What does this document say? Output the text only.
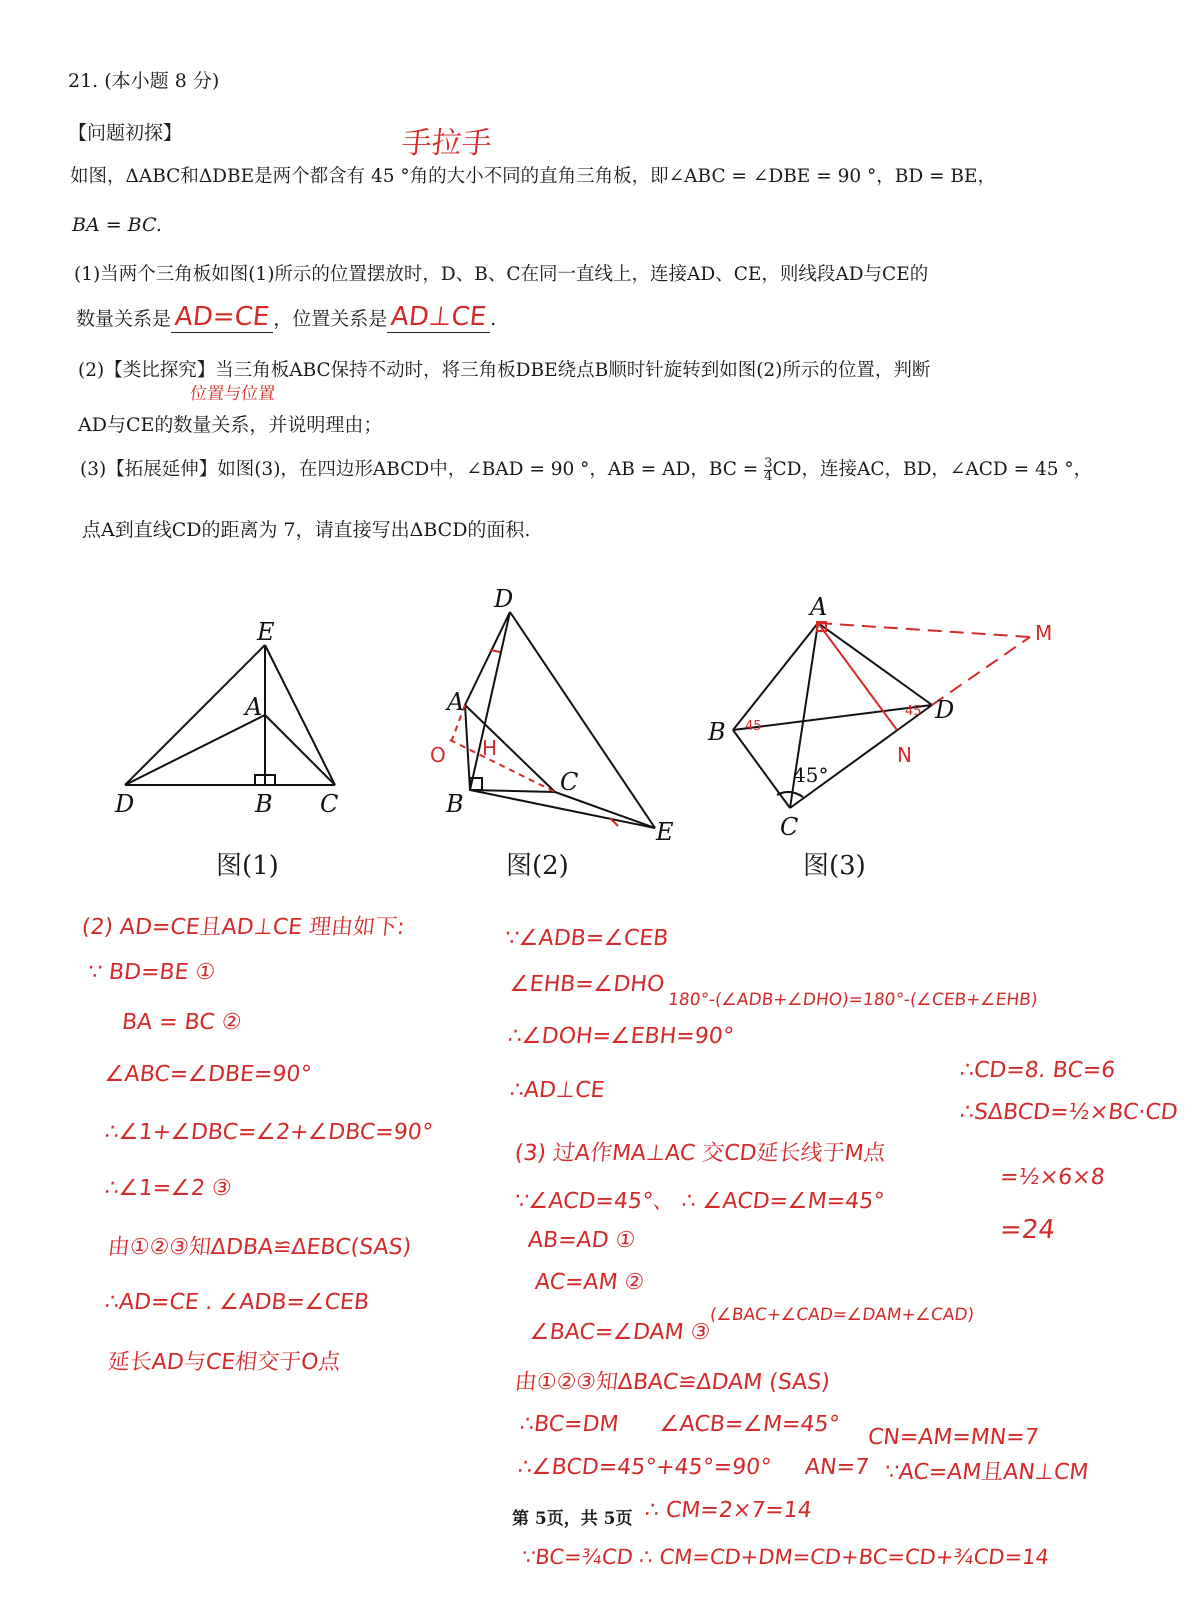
21. (本小题 8 分)
【问题初探】
如图，ΔABC和ΔDBE是两个都含有 45 °角的大小不同的直角三角板，即∠ABC = ∠DBE = 90 °，BD = BE，
BA = BC.
(1)当两个三角板如图(1)所示的位置摆放时，D、B、C在同一直线上，连接AD、CE，则线段AD与CE的
数量关系是AD=CE ，位置关系是AD⊥CE .
(2)【类比探究】当三角板ABC保持不动时，将三角板DBE绕点B顺时针旋转到如图(2)所示的位置，判断
AD与CE的数量关系，并说明理由；
(3)【拓展延伸】如图(3)，在四边形ABCD中，∠BAD = 90 °，AB = AD，BC = $\frac{3}{4}$ CD，连接AC，BD，∠ACD = 45 °，
点A到直线CD的距离为 7，请直接写出ΔBCD的面积.
手拉手
位置与位置
E
A
D	B C
D
A
B
C
E
H
O
A
B
C
D
45°
M
N
45
45
图(1)	图(2)	图(3)
(2) AD=CE且AD⊥CE 理由如下:
∵ BD=BE ①
BA = BC ②
∠ABC=∠DBE=90°
∴∠1+∠DBC=∠2+∠DBC=90°
∴∠1=∠2 ③
由①②③知ΔDBA≌ΔEBC(SAS)
∴AD=CE . ∠ADB=∠CEB
延长AD与CE相交于O点
∵∠ADB=∠CEB
∠EHB=∠DHO
180°-(∠ADB+∠DHO)=180°-(∠CEB+∠EHB)
∴∠DOH=∠EBH=90°
∴AD⊥CE
(3) 过A作MA⊥AC 交CD延长线于M点
∵∠ACD=45°、 ∴ ∠ACD=∠M=45°
AB=AD ①
AC=AM ②
∠BAC=∠DAM ③
(∠BAC+∠CAD=∠DAM+∠CAD)
由①②③知ΔBAC≌ΔDAM (SAS)
∴BC=DM ∠ACB=∠M=45°
CN=AM=MN=7
∴∠BCD=45°+45°=90° AN=7 ∵AC=AM且AN⊥CM
第 5页，共 5页 ∴ CM=2×7=14
∵BC=¾CD ∴ CM=CD+DM=CD+BC=CD+¾CD=14
∴CD=8. BC=6
∴SΔBCD=½×BC·CD
=½×6×8
=24
